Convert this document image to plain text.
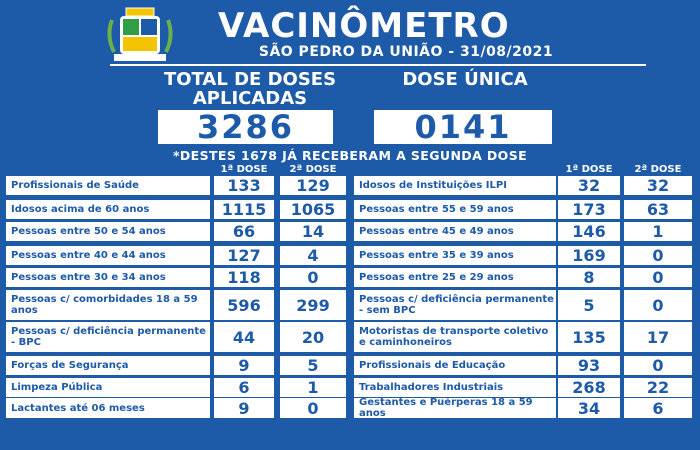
VACINÔMETRO
SÃO PEDRO DA UNIÃO - 31/08/2021
TOTAL DE DOSES APLICADAS
DOSE ÚNICA
3286	0141
*DESTES 1678 JÁ RECEBERAM A SEGUNDA DOSE
1ª DOSE	2ª DOSE	1ª DOSE	2ª DOSE
Profissionais de Saúde	133	129
Idosos acima de 60 anos	1115	1065
Pessoas entre 50 e 54 anos	66	14
Pessoas entre 40 e 44 anos	127	4
Pessoas entre 30 e 34 anos	118	0
Pessoas c/ comorbidades 18 a 59 anos	596	299
Pessoas c/ deficiência permanente - BPC	44	20
Forças de Segurança	9	5
Limpeza Pública	6	1
Lactantes até 06 meses	9	0
Idosos de Instituições ILPI	32	32
Pessoas entre 55 e 59 anos	173	63
Pessoas entre 45 e 49 anos	146	1
Pessoas entre 35 e 39 anos	169	0
Pessoas entre 25 e 29 anos	8	0
Pessoas c/ deficiência permanente - sem BPC	5	0
Motoristas de transporte coletivo e caminhoneiros	135	17
Profissionais de Educação	93	0
Trabalhadores Industriais	268	22
Gestantes e Puérperas 18 a 59 anos	34	6
